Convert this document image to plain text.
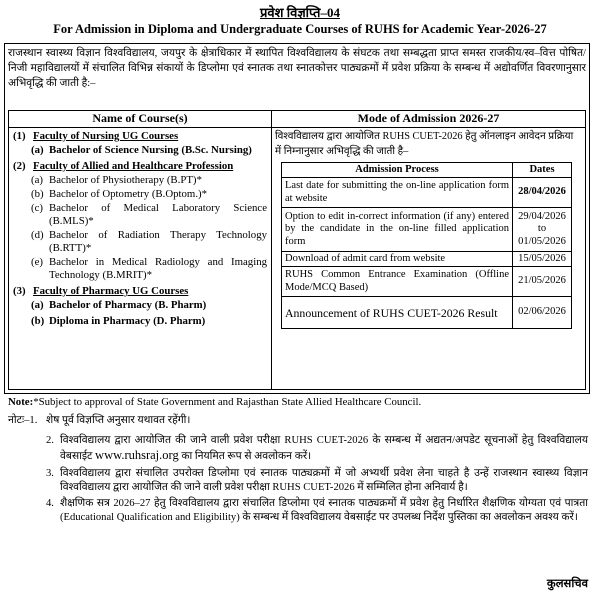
प्रवेश विज्ञप्ति–04
For Admission in Diploma and Undergraduate Courses of RUHS for Academic Year-2026-27
राजस्थान स्वास्थ्य विज्ञान विश्वविद्यालय, जयपुर के क्षेत्राधिकार में स्थापित विश्वविद्यालय के संघटक तथा सम्बद्धता प्राप्त समस्त राजकीय/स्व–वित्त पोषित/निजी महाविद्यालयों में संचालित विभिन्न संकायों के डिप्लोमा एवं स्नातक तथा स्नातकोत्तर पाठ्यक्रमों में प्रवेश प्रक्रिया के सम्बन्ध में अद्योवर्णित विवरणानुसार अभिवृद्धि की जाती है:–
Name of Course(s)	Mode of Admission 2026-27

(1) Faculty of Nursing UG Courses
(a) Bachelor of Science Nursing (B.Sc. Nursing)
(2) Faculty of Allied and Healthcare Profession
(a) Bachelor of Physiotherapy (B.PT)*
(b) Bachelor of Optometry (B.Optom.)*
(c) Bachelor of Medical Laboratory Science (B.MLS)*
(d) Bachelor of Radiation Therapy Technology (B.RTT)*
(e) Bachelor in Medical Radiology and Imaging Technology (B.MRIT)*
(3) Faculty of Pharmacy UG Courses
(a) Bachelor of Pharmacy (B. Pharm)
(b) Diploma in Pharmacy (D. Pharm)

विश्वविद्यालय द्वारा आयोजित RUHS CUET-2026 हेतु ऑनलाइन आवेदन प्रक्रिया में निम्नानुसार अभिवृद्धि की जाती है–
Admission Process	Dates
Last date for submitting the on-line application form at website	28/04/2026
Option to edit in-correct information (if any) entered by the candidate in the on-line filled application form	29/04/2026 to 01/05/2026
Download of admit card from website	15/05/2026
RUHS Common Entrance Examination (Offline Mode/MCQ Based)	21/05/2026
Announcement of RUHS CUET-2026 Result	02/06/2026
Note:*Subject to approval of State Government and Rajasthan State Allied Healthcare Council.
नोटः–1. शेष पूर्व विज्ञप्ति अनुसार यथावत रहेंगी।
2. विश्वविद्यालय द्वारा आयोजित की जाने वाली प्रवेश परीक्षा RUHS CUET-2026 के सम्बन्ध में अद्यतन/अपडेट सूचनाओं हेतु विश्वविद्यालय वेबसाईट www.ruhsraj.org का नियमित रूप से अवलोकन करें।
3. विश्वविद्यालय द्वारा संचालित उपरोक्त डिप्लोमा एवं स्नातक पाठ्यक्रमों में जो अभ्यर्थी प्रवेश लेना चाहते है उन्हें राजस्थान स्वास्थ्य विज्ञान विश्वविद्यालय द्वारा आयोजित की जाने वाली प्रवेश परीक्षा RUHS CUET-2026 में सम्मिलित होना अनिवार्य है।
4. शैक्षणिक सत्र 2026–27 हेतु विश्वविद्यालय द्वारा संचालित डिप्लोमा एवं स्नातक पाठ्यक्रमों में प्रवेश हेतु निर्धारित शैक्षणिक योग्यता एवं पात्रता (Educational Qualification and Eligibility) के सम्बन्ध में विश्वविद्यालय वेबसाईट पर उपलब्ध निर्देश पुस्तिका का अवलोकन अवश्य करें।
कुलसचिव
